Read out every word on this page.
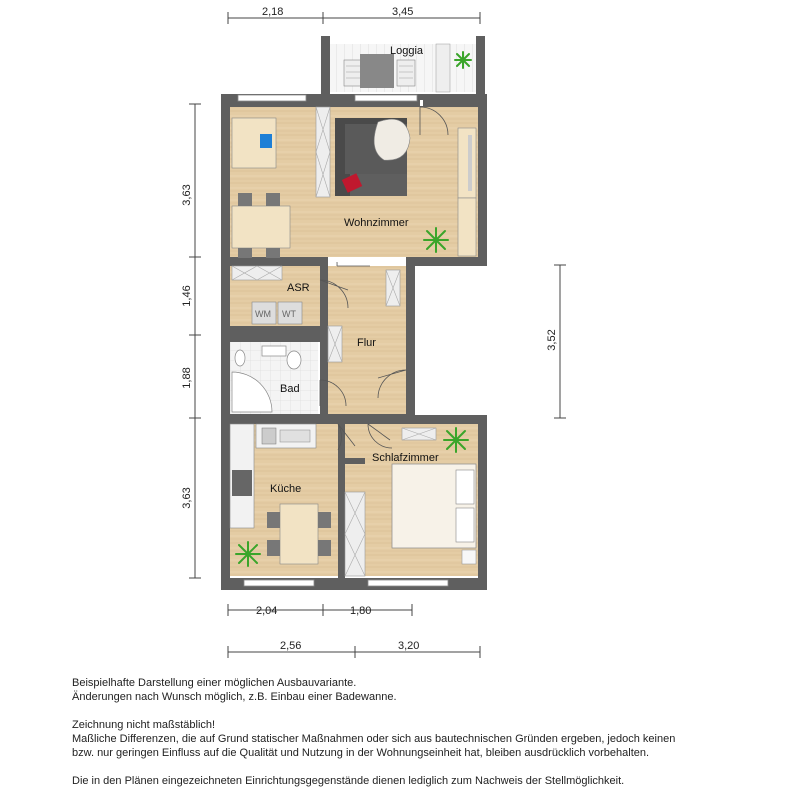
2,18	3,45
3,63
1,46
1,88
3,63
3,52
2,04	1,80
2,56	3,20
WM WT
Loggia
Wohnzimmer
ASR
Flur
Bad
Küche
Schlafzimmer

Beispielhafte Darstellung einer möglichen Ausbauvariante.

Änderungen nach Wunsch möglich, z.B. Einbau einer Badewanne.

Zeichnung nicht maßstäblich!

Maßliche Differenzen, die auf Grund statischer Maßnahmen oder sich aus bautechnischen Gründen ergeben, jedoch keinen

bzw. nur geringen Einfluss auf die Qualität und Nutzung in der Wohnungseinheit hat, bleiben ausdrücklich vorbehalten.

Die in den Plänen eingezeichneten Einrichtungsgegenstände dienen lediglich zum Nachweis der Stellmöglichkeit.
